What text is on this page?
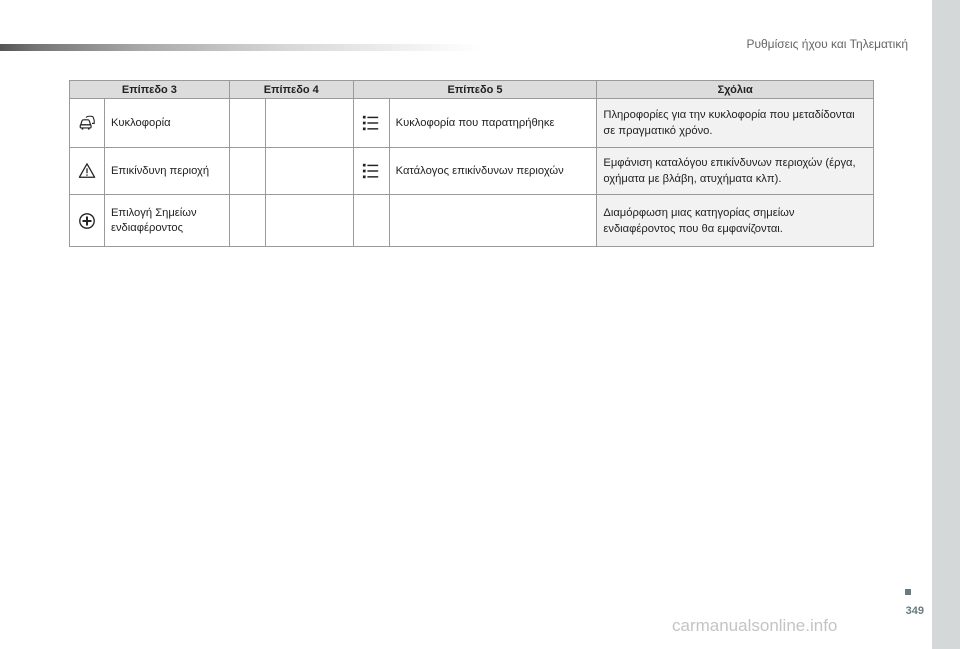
Ρυθμίσεις ήχου και Τηλεματική
Επίπεδο 3		Επίπεδο 4		Επίπεδο 5		Σχόλια
	Κυκλοφορία				Κυκλοφορία που παρατηρήθηκε	Πληροφορίες για την κυκλοφορία που μεταδίδονται σε πραγματικό χρόνο.
	Επικίνδυνη περιοχή				Κατάλογος επικίνδυνων περιοχών	Εμφάνιση καταλόγου επικίνδυνων περιοχών (έργα, οχήματα με βλάβη, ατυχήματα κλπ).
	Επιλογή Σημείων ενδιαφέροντος					Διαμόρφωση μιας κατηγορίας σημείων ενδιαφέροντος που θα εμφανίζονται.
349
carmanualsonline.info
